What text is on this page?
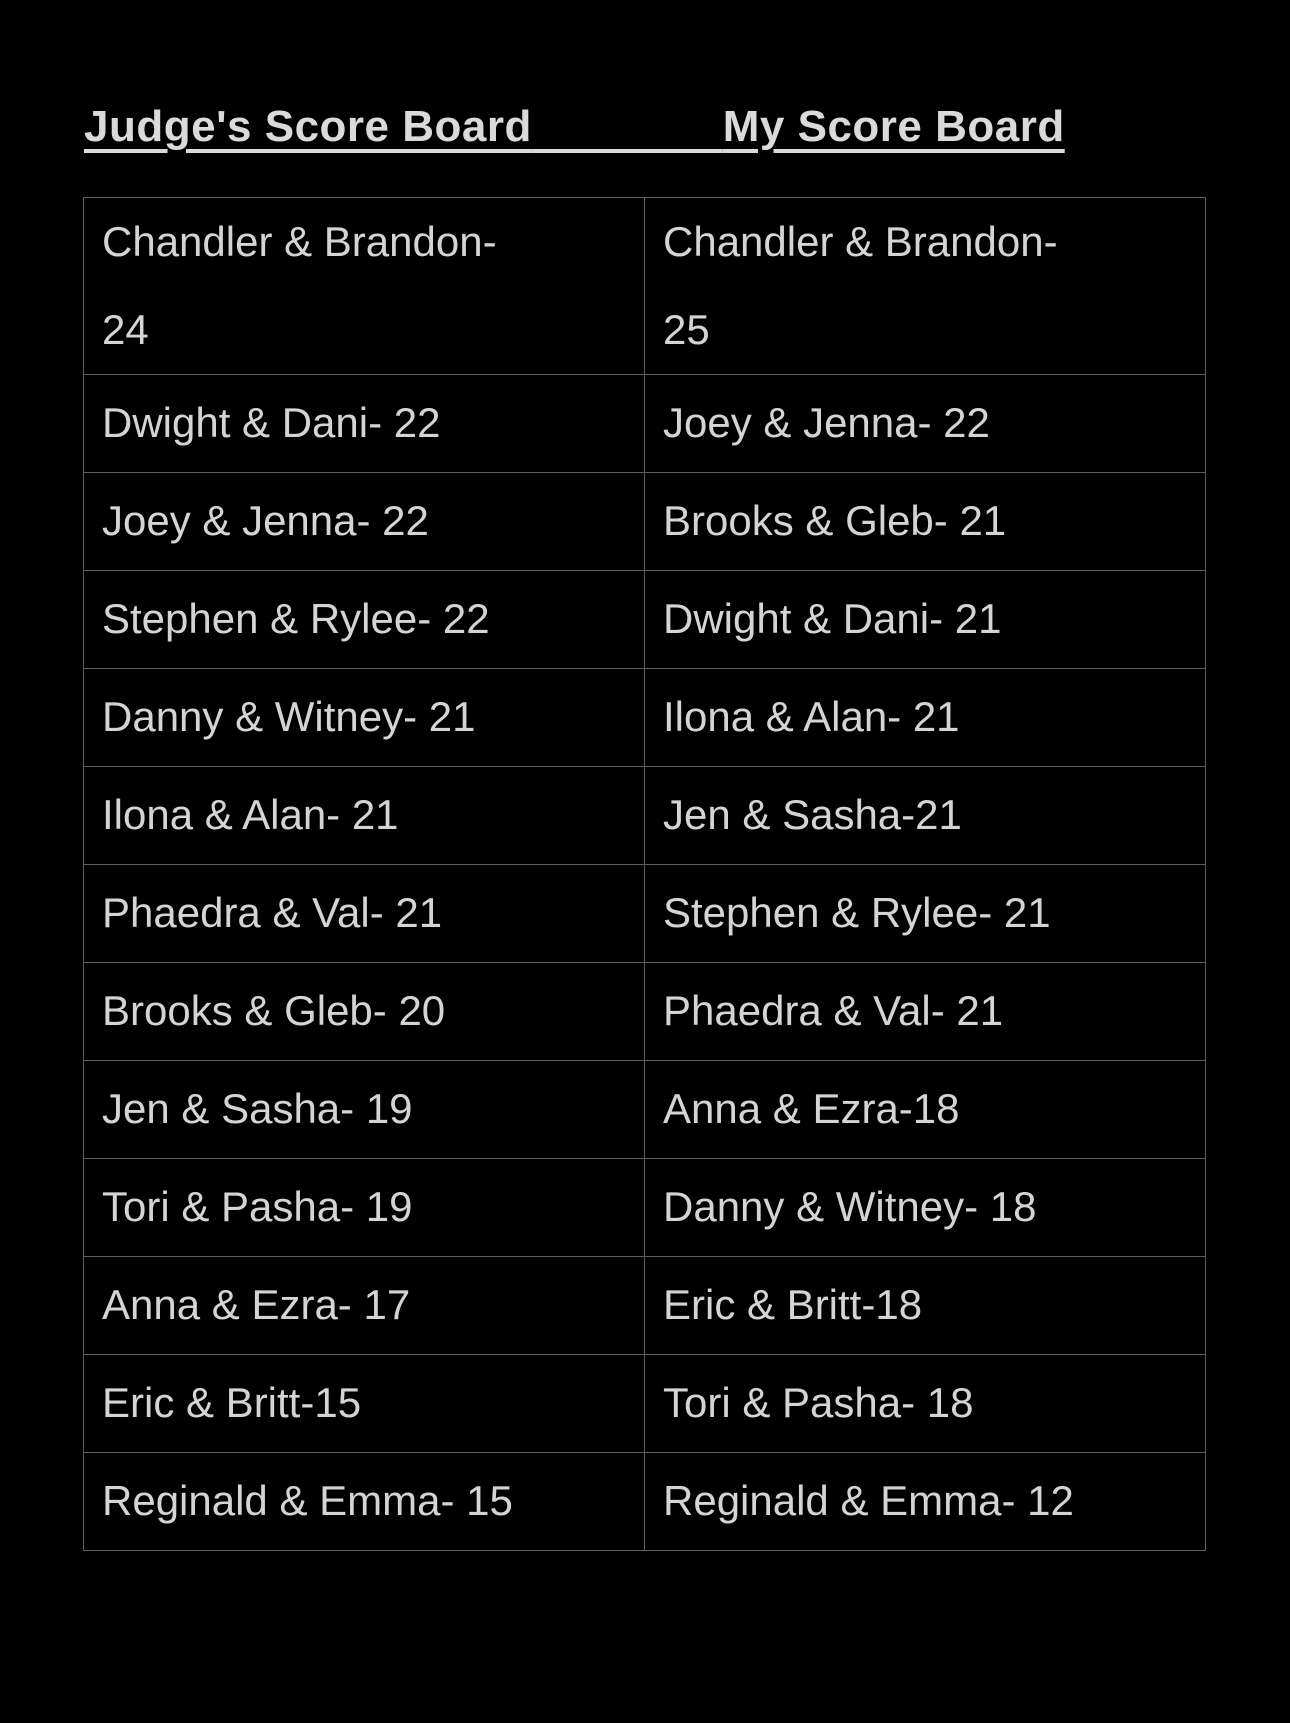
Judge's Score Board	My Score Board
Chandler & Brandon- 24	Chandler & Brandon- 25
Dwight & Dani- 22	Joey & Jenna- 22
Joey & Jenna- 22	Brooks & Gleb- 21
Stephen & Rylee- 22	Dwight & Dani- 21
Danny & Witney- 21	Ilona & Alan- 21
Ilona & Alan- 21	Jen & Sasha-21
Phaedra & Val- 21	Stephen & Rylee- 21
Brooks & Gleb- 20	Phaedra & Val- 21
Jen & Sasha- 19	Anna & Ezra-18
Tori & Pasha- 19	Danny & Witney- 18
Anna & Ezra- 17	Eric & Britt-18
Eric & Britt-15	Tori & Pasha- 18
Reginald & Emma- 15	Reginald & Emma- 12
